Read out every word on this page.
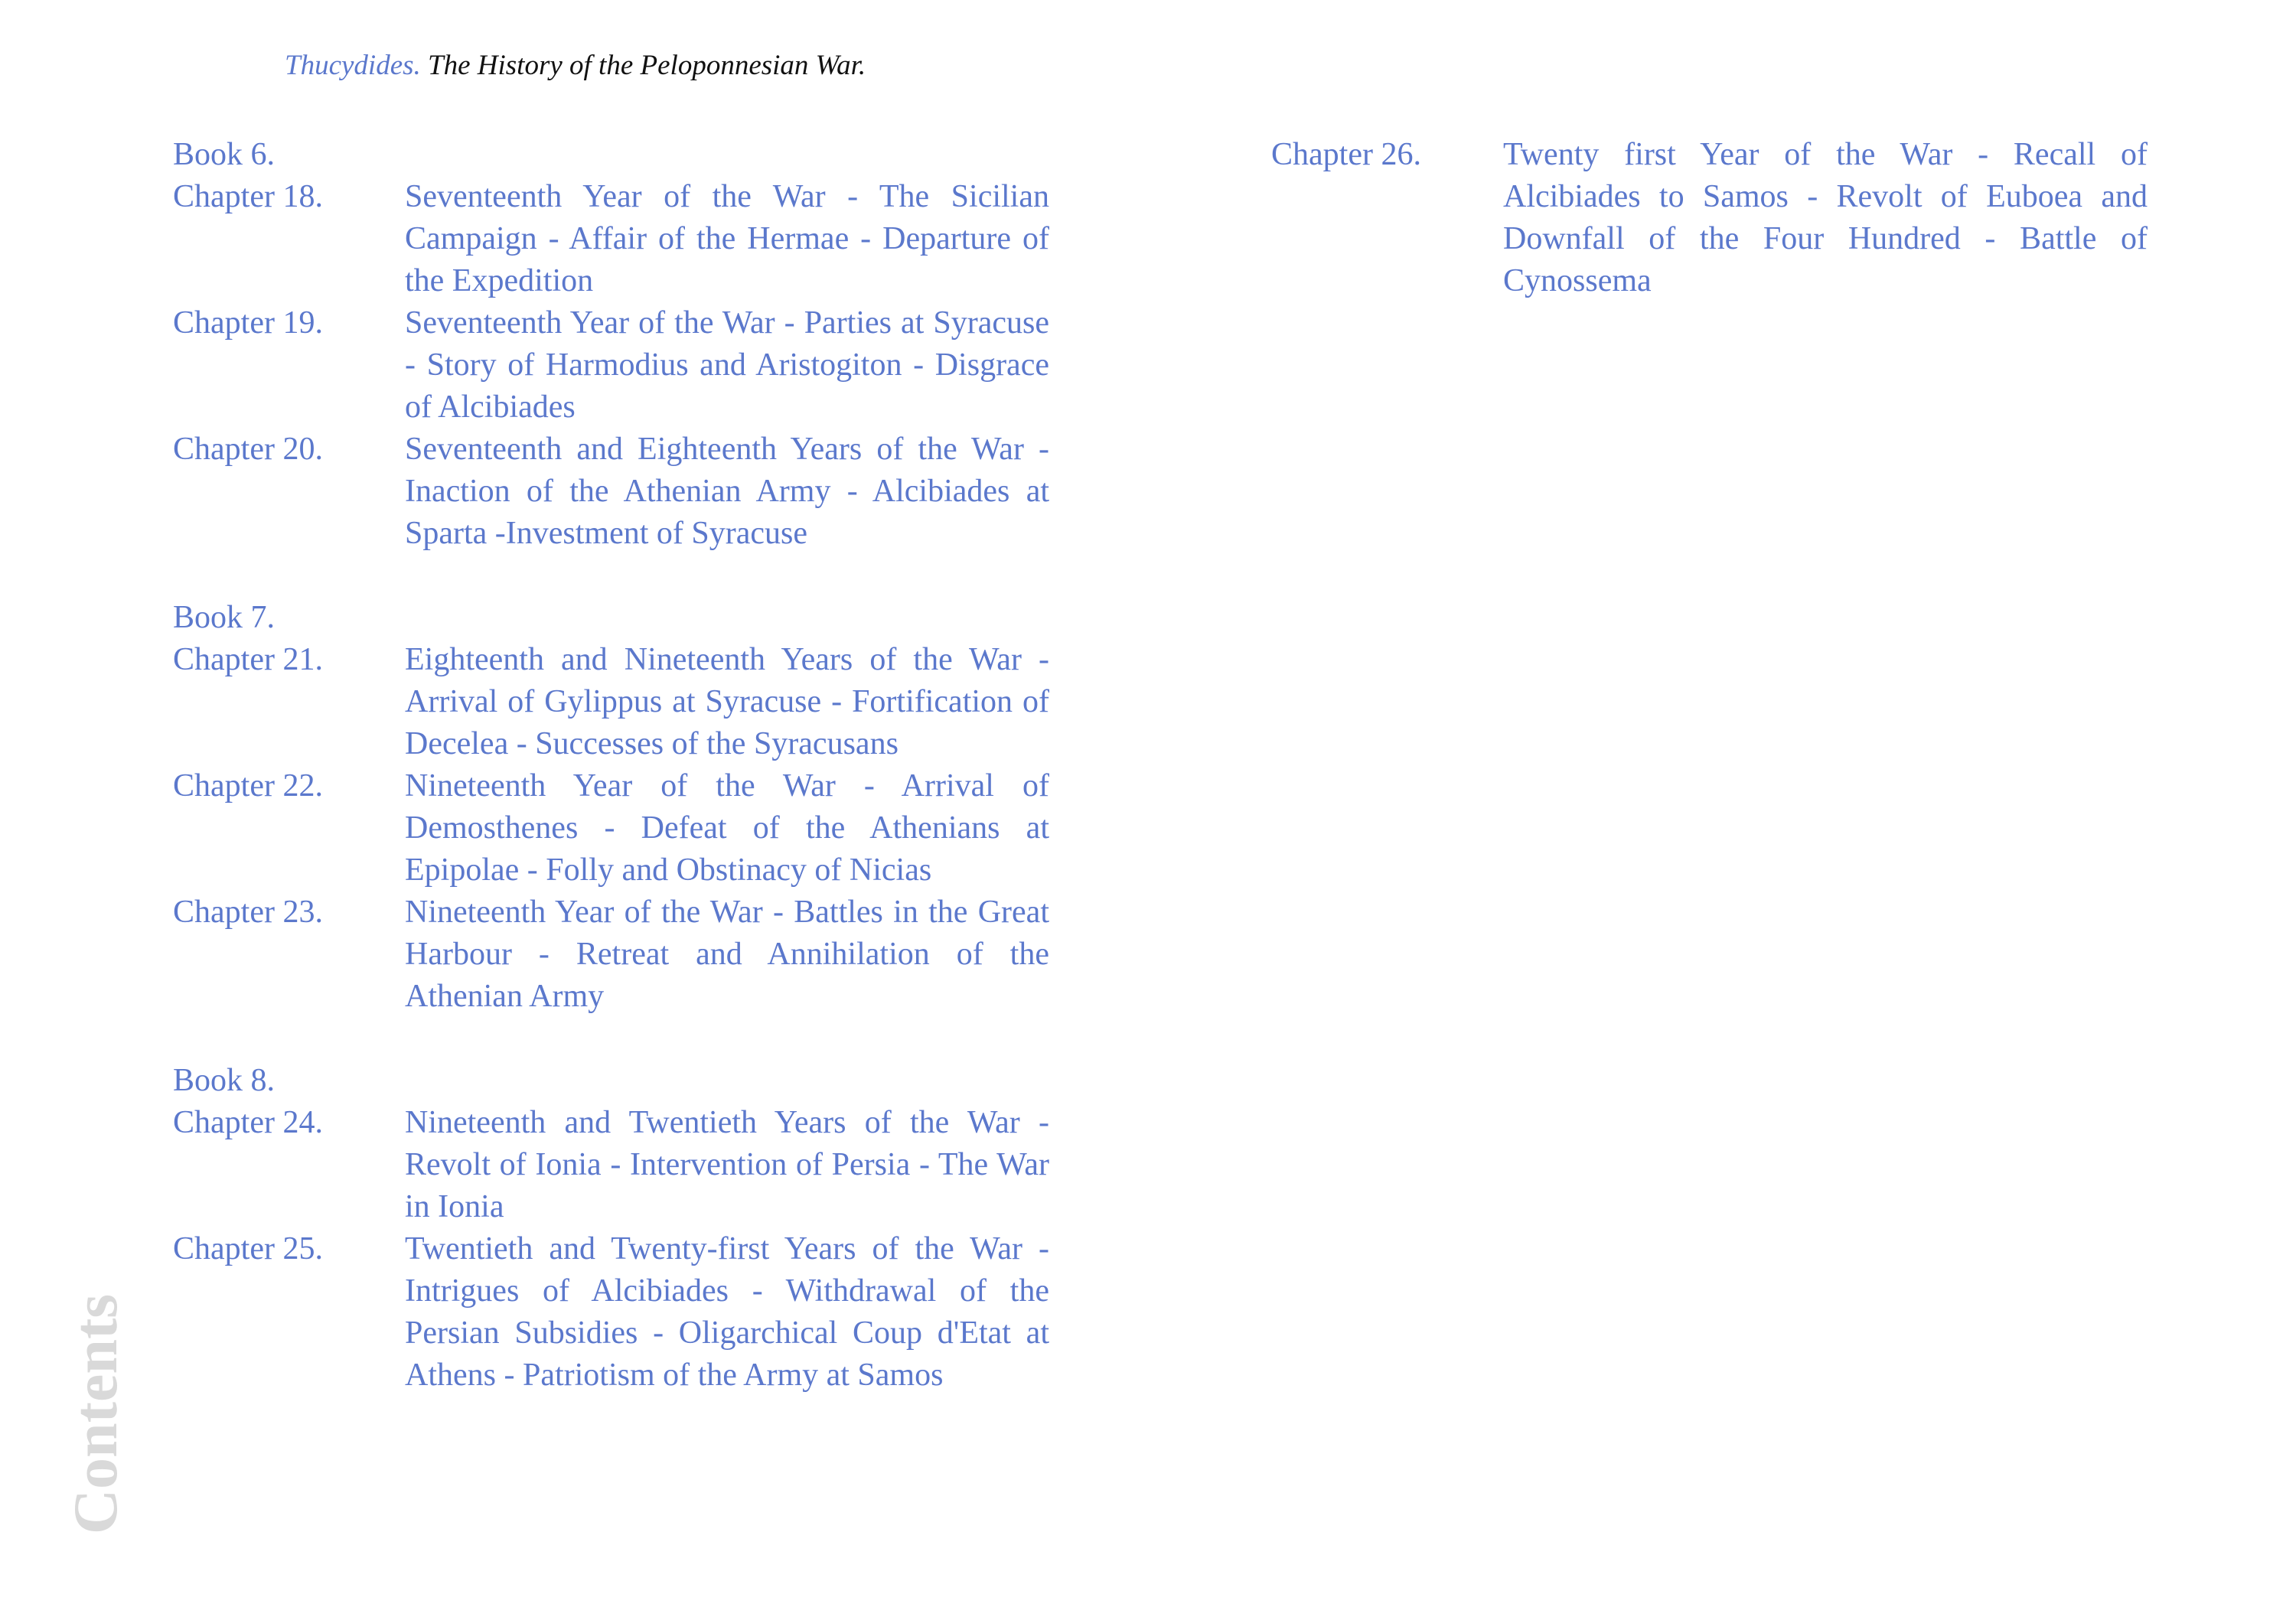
Thucydides. The History of the Peloponnesian War.
Contents
Book 6.
Chapter 18.	Seventeenth Year of the War - The Sicilian Campaign - Affair of the Hermae - Departure of the Expedition
Chapter 19.	Seventeenth Year of the War - Parties at Syracuse - Story of Harmodius and Aristogiton - Disgrace of Alcibiades
Chapter 20.	Seventeenth and Eighteenth Years of the War - Inaction of the Athenian Army - Alcibiades at Sparta -Investment of Syracuse
Book 7.
Chapter 21.	Eighteenth and Nineteenth Years of the War - Arrival of Gylippus at Syracuse - Fortification of Decelea - Successes of the Syracusans
Chapter 22.	Nineteenth Year of the War - Arrival of Demosthenes - Defeat of the Athenians at Epipolae - Folly and Obstinacy of Nicias
Chapter 23.	Nineteenth Year of the War - Battles in the Great Harbour - Retreat and Annihilation of the Athenian Army
Book 8.
Chapter 24.	Nineteenth and Twentieth Years of the War - Revolt of Ionia - Intervention of Persia - The War in Ionia
Chapter 25.	Twentieth and Twenty-first Years of the War - Intrigues of Alcibiades - Withdrawal of the Persian Subsidies - Oligarchical Coup d'Etat at Athens - Patriotism of the Army at Samos
Chapter 26.	Twenty first Year of the War - Recall of Alcibiades to Samos - Revolt of Euboea and Downfall of the Four Hundred - Battle of Cynossema
